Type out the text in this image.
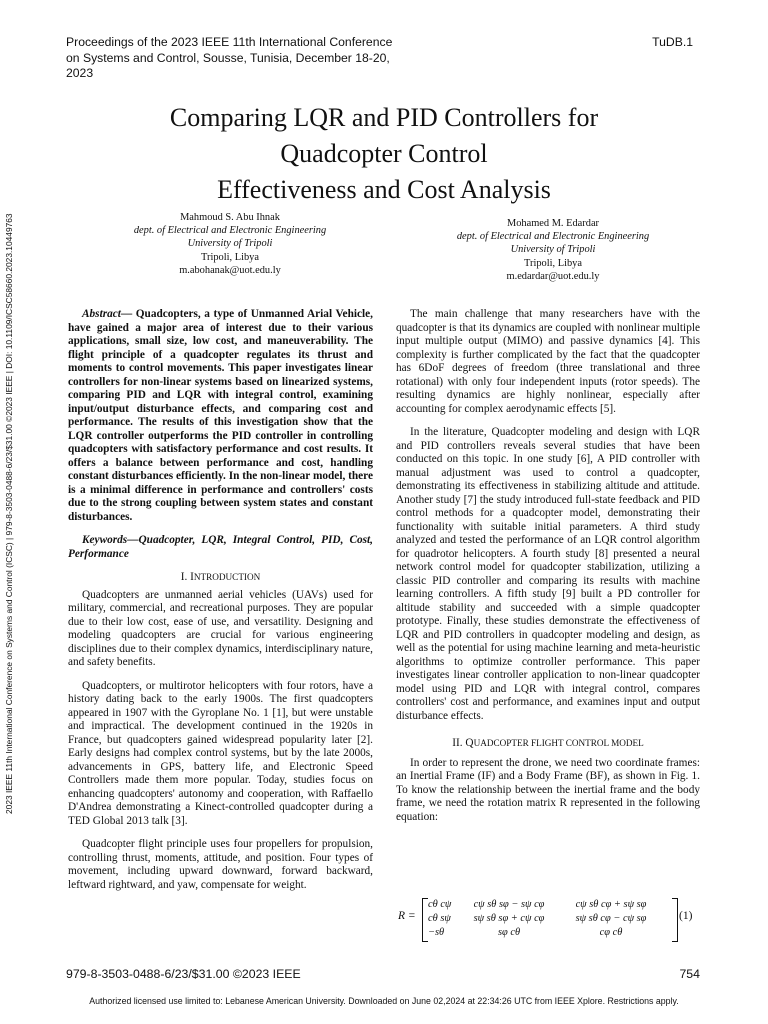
Proceedings of the 2023 IEEE 11th International Conference on Systems and Control, Sousse, Tunisia, December 18-20, 2023
TuDB.1
Comparing LQR and PID Controllers for
Quadcopter Control
Effectiveness and Cost Analysis
Mahmoud S. Abu Ihnak
dept. of Electrical and Electronic Engineering
University of Tripoli
Tripoli, Libya
m.abohanak@uot.edu.ly
Mohamed M. Edardar
dept. of Electrical and Electronic Engineering
University of Tripoli
Tripoli, Libya
m.edardar@uot.edu.ly

Abstract— Quadcopters, a type of Unmanned Arial Vehicle, have gained a major area of interest due to their various applications, small size, low cost, and maneuverability. The flight principle of a quadcopter regulates its thrust and moments to control movements. This paper investigates linear controllers for non-linear systems based on linearized systems, comparing PID and LQR with integral control, examining input/output disturbance effects, and comparing cost and performance. The results of this investigation show that the LQR controller outperforms the PID controller in controlling quadcopters with satisfactory performance and cost results. It offers a balance between performance and cost, handling constant disturbances efficiently. In the non-linear model, there is a minimal difference in performance and controllers' costs due to the strong coupling between system states and constant disturbances.

Keywords—Quadcopter, LQR, Integral Control, PID, Cost, Performance

I. INTRODUCTION

Quadcopters are unmanned aerial vehicles (UAVs) used for military, commercial, and recreational purposes. They are popular due to their low cost, ease of use, and versatility. Designing and modeling quadcopters are crucial for various engineering disciplines due to their complex dynamics, interdisciplinary nature, and safety benefits.

Quadcopters, or multirotor helicopters with four rotors, have a history dating back to the early 1900s. The first quadcopters appeared in 1907 with the Gyroplane No. 1 [1], but were unstable and impractical. The development continued in the 1920s in France, but quadcopters gained widespread popularity later [2]. Early designs had complex control systems, but by the late 2000s, advancements in GPS, battery life, and Electronic Speed Controllers made them more popular. Today, studies focus on enhancing quadcopters' autonomy and cooperation, with Raffaello D'Andrea demonstrating a Kinect-controlled quadcopter during a TED Global 2013 talk [3].

Quadcopter flight principle uses four propellers for propulsion, controlling thrust, moments, attitude, and position. Four types of movement, including upward downward, forward backward, leftward rightward, and yaw, compensate for weight.

The main challenge that many researchers have with the quadcopter is that its dynamics are coupled with nonlinear multiple input multiple output (MIMO) and passive dynamics [4]. This complexity is further complicated by the fact that the quadcopter has 6DoF degrees of freedom (three translational and three rotational) with only four independent inputs (rotor speeds). The resulting dynamics are highly nonlinear, especially after accounting for complex aerodynamic effects [5].

In the literature, Quadcopter modeling and design with LQR and PID controllers reveals several studies that have been conducted on this topic. In one study [6], A PID controller with manual adjustment was used to control a quadcopter, demonstrating its effectiveness in stabilizing altitude and attitude. Another study [7] the study introduced full-state feedback and PID control methods for a quadcopter model, demonstrating their functionality with suitable initial parameters. A third study analyzed and tested the performance of an LQR control algorithm for quadrotor helicopters. A fourth study [8] presented a neural network control model for quadcopter stabilization, utilizing a classic PID controller and comparing its results with machine learning controllers. A fifth study [9] built a PD controller for altitude stability and succeeded with a simple quadcopter prototype. Finally, these studies demonstrate the effectiveness of LQR and PID controllers in quadcopter modeling and design, as well as the potential for using machine learning and meta-heuristic algorithms to optimize controller performance. This paper investigates linear controller application to non-linear quadcopter model using PID and LQR with integral control, compares controllers' cost and performance, and examines input and output disturbance effects.

II. QUADCOPTER FLIGHT CONTROL MODEL

In order to represent the drone, we need two coordinate frames: an Inertial Frame (IF) and a Body Frame (BF), as shown in Fig. 1. To know the relationship between the inertial frame and the body frame, we need the rotation matrix R represented in the following equation:

R =
cθ cψ	cψ sθ sφ − sψ cφ	cψ sθ cφ + sψ sφ
cθ sψ	sψ sθ sφ + cψ cφ	sψ sθ cφ − cψ sφ
−sθ	sφ cθ	cφ cθ
(1)
2023 IEEE 11th International Conference on Systems and Control (ICSC) | 979-8-3503-0488-6/23/$31.00 ©2023 IEEE | DOI: 10.1109/ICSC58660.2023.10449763
979-8-3503-0488-6/23/$31.00 ©2023 IEEE	754
Authorized licensed use limited to: Lebanese American University. Downloaded on June 02,2024 at 22:34:26 UTC from IEEE Xplore. Restrictions apply.
